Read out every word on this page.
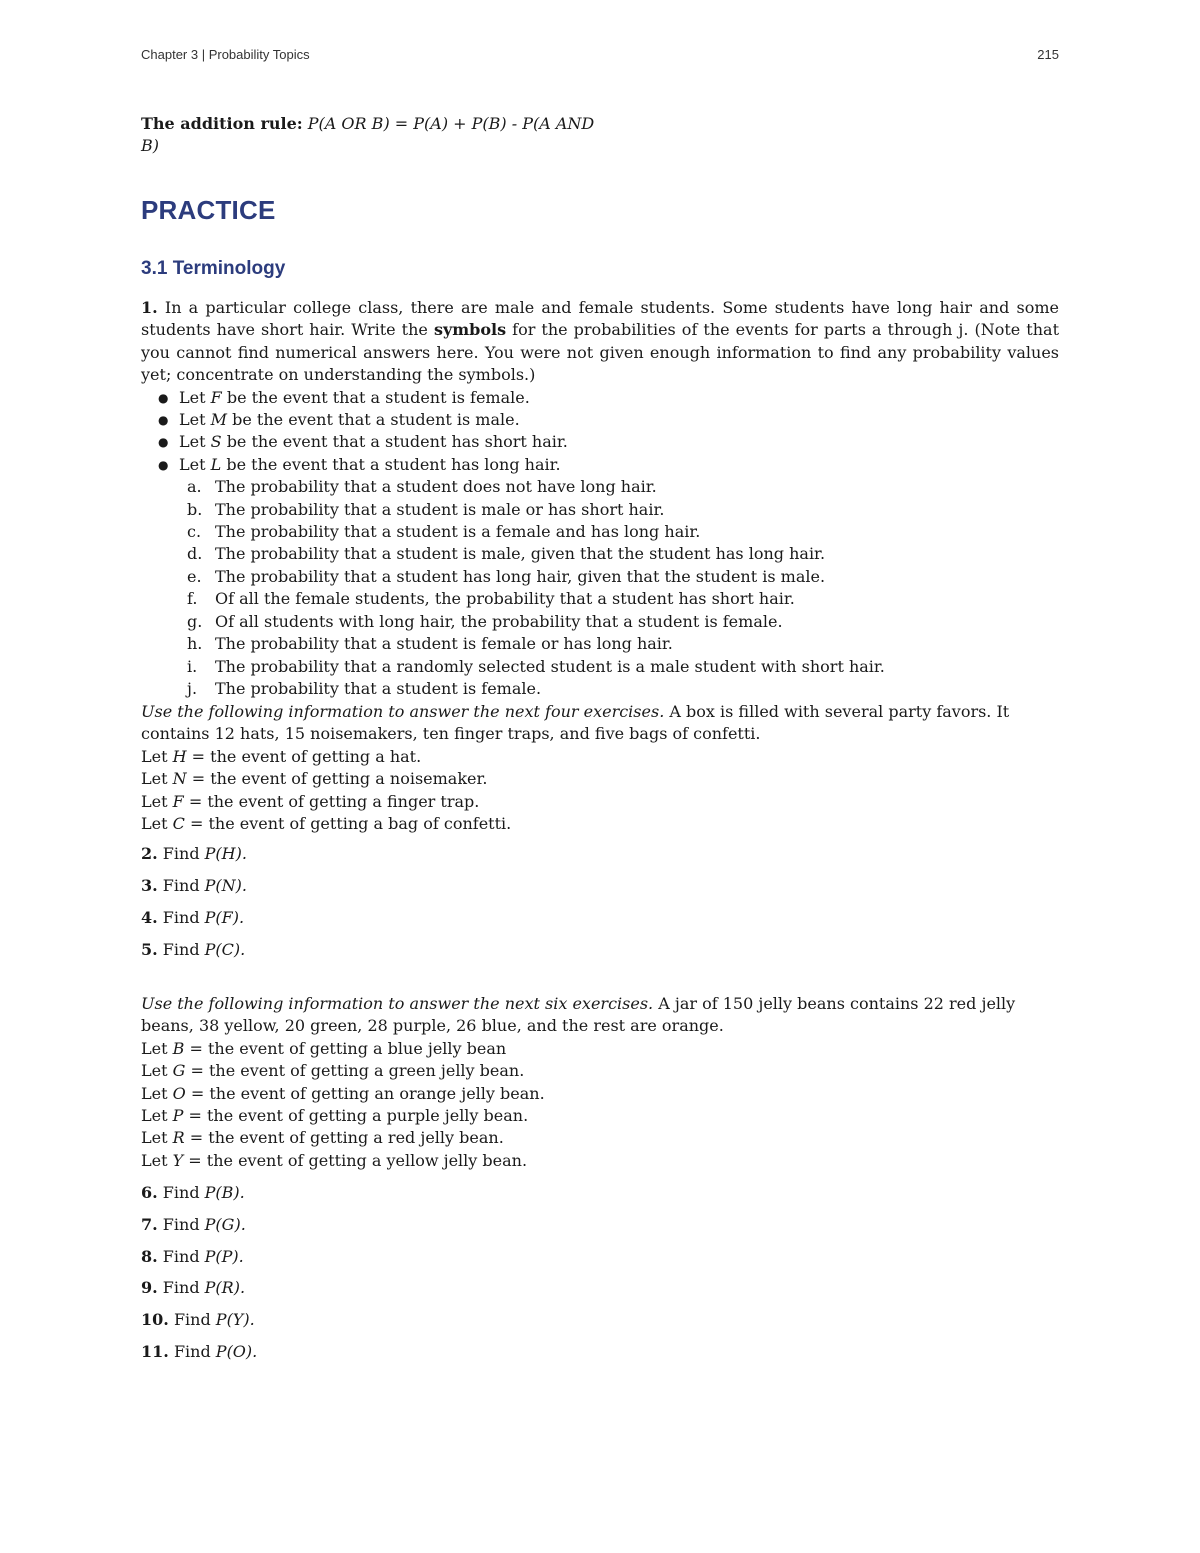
Chapter 3 | Probability Topics	215
The addition rule: P(A OR B) = P(A) + P(B) - P(A AND
B)
PRACTICE
3.1 Terminology
1. In a particular college class, there are male and female students. Some students have long hair and some students have short hair. Write the symbols for the probabilities of the events for parts a through j. (Note that you cannot find numerical answers here. You were not given enough information to find any probability values yet; concentrate on understanding the symbols.)
● Let F be the event that a student is female.
● Let M be the event that a student is male.
● Let S be the event that a student has short hair.
● Let L be the event that a student has long hair.
a. The probability that a student does not have long hair.
b. The probability that a student is male or has short hair.
c. The probability that a student is a female and has long hair.
d. The probability that a student is male, given that the student has long hair.
e. The probability that a student has long hair, given that the student is male.
f. Of all the female students, the probability that a student has short hair.
g. Of all students with long hair, the probability that a student is female.
h. The probability that a student is female or has long hair.
i. The probability that a randomly selected student is a male student with short hair.
j. The probability that a student is female.
Use the following information to answer the next four exercises. A box is filled with several party favors. It contains 12 hats, 15 noisemakers, ten finger traps, and five bags of confetti.
Let H = the event of getting a hat.
Let N = the event of getting a noisemaker.
Let F = the event of getting a finger trap.
Let C = the event of getting a bag of confetti.
2. Find P(H).
3. Find P(N).
4. Find P(F).
5. Find P(C).
Use the following information to answer the next six exercises. A jar of 150 jelly beans contains 22 red jelly beans, 38 yellow, 20 green, 28 purple, 26 blue, and the rest are orange.
Let B = the event of getting a blue jelly bean
Let G = the event of getting a green jelly bean.
Let O = the event of getting an orange jelly bean.
Let P = the event of getting a purple jelly bean.
Let R = the event of getting a red jelly bean.
Let Y = the event of getting a yellow jelly bean.
6. Find P(B).
7. Find P(G).
8. Find P(P).
9. Find P(R).
10. Find P(Y).
11. Find P(O).
